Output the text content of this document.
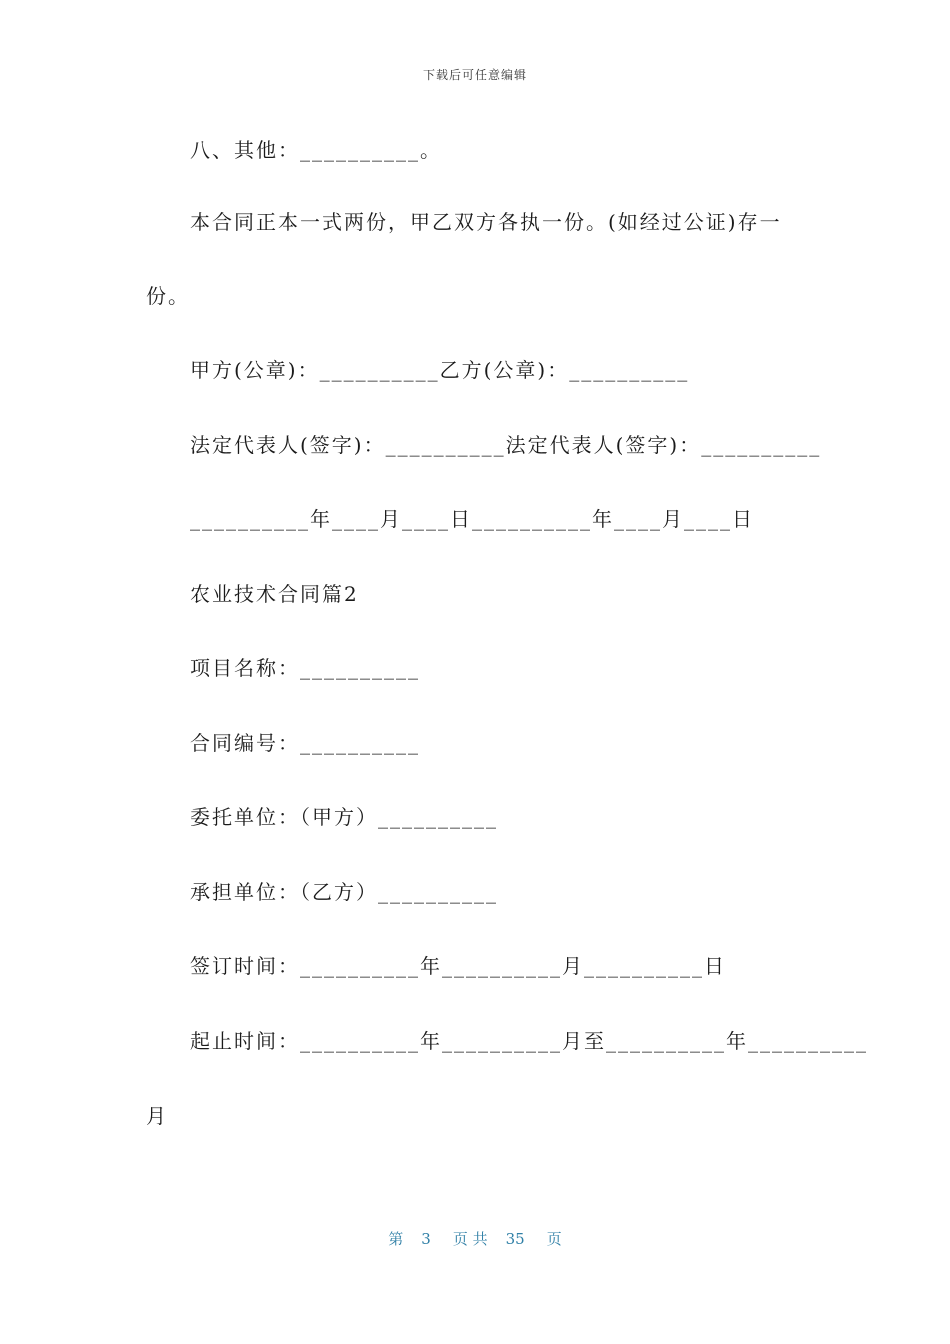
下载后可任意编辑
八、其他：__________。
本合同正本一式两份，甲乙双方各执一份。(如经过公证)存一
份。
甲方(公章)：__________乙方(公章)：__________
法定代表人(签字)：__________法定代表人(签字)：__________
__________年____月____日__________年____月____日
农业技术合同篇2
项目名称：__________
合同编号：__________
委托单位：（甲方）__________
承担单位：（乙方）__________
签订时间：__________年__________月__________日
起止时间：__________年__________月至__________年__________
月
第 3 页 共 35 页
